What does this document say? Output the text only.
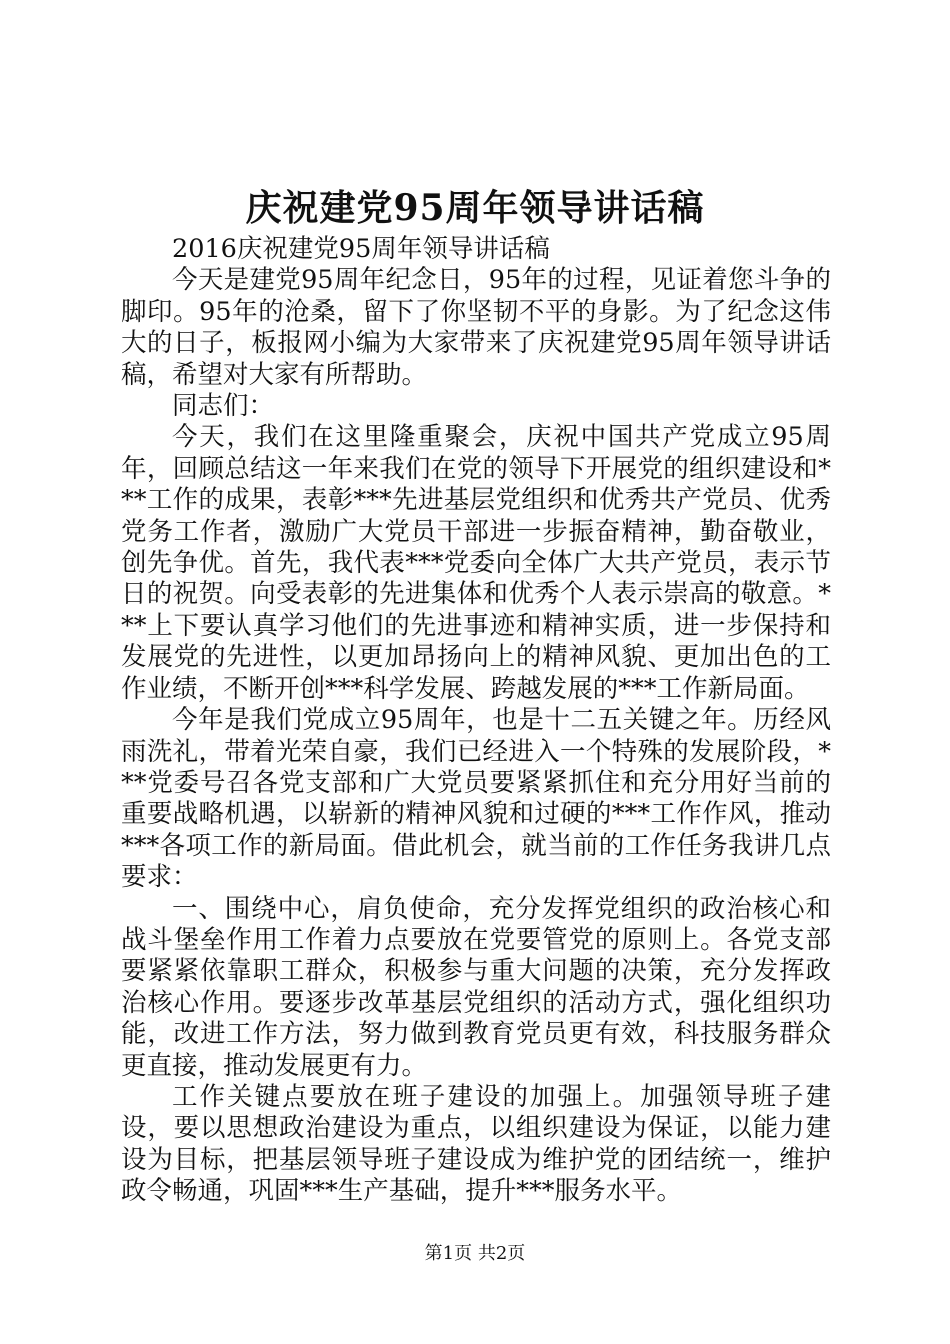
庆祝建党95周年领导讲话稿

2016庆祝建党95周年领导讲话稿

今天是建党95周年纪念日，95年的过程，见证着您斗争的脚印。95年的沧桑，留下了你坚韧不平的身影。为了纪念这伟大的日子，板报网小编为大家带来了庆祝建党95周年领导讲话稿，希望对大家有所帮助。

同志们：

今天，我们在这里隆重聚会，庆祝中国共产党成立95周年，回顾总结这一年来我们在党的领导下开展党的组织建设和***工作的成果，表彰***先进基层党组织和优秀共产党员、优秀党务工作者，激励广大党员干部进一步振奋精神，勤奋敬业，创先争优。首先，我代表***党委向全体广大共产党员，表示节日的祝贺。向受表彰的先进集体和优秀个人表示崇高的敬意。***上下要认真学习他们的先进事迹和精神实质，进一步保持和发展党的先进性，以更加昂扬向上的精神风貌、更加出色的工作业绩，不断开创***科学发展、跨越发展的***工作新局面。

今年是我们党成立95周年，也是十二五关键之年。历经风雨洗礼，带着光荣自豪，我们已经进入一个特殊的发展阶段，***党委号召各党支部和广大党员要紧紧抓住和充分用好当前的重要战略机遇，以崭新的精神风貌和过硬的***工作作风，推动***各项工作的新局面。借此机会，就当前的工作任务我讲几点要求：

一、围绕中心，肩负使命，充分发挥党组织的政治核心和战斗堡垒作用工作着力点要放在党要管党的原则上。各党支部要紧紧依靠职工群众，积极参与重大问题的决策，充分发挥政治核心作用。要逐步改革基层党组织的活动方式，强化组织功能，改进工作方法，努力做到教育党员更有效，科技服务群众更直接，推动发展更有力。

工作关键点要放在班子建设的加强上。加强领导班子建设，要以思想政治建设为重点，以组织建设为保证，以能力建设为目标，把基层领导班子建设成为维护党的团结统一，维护政令畅通，巩固***生产基础，提升***服务水平。

第1页 共2页
